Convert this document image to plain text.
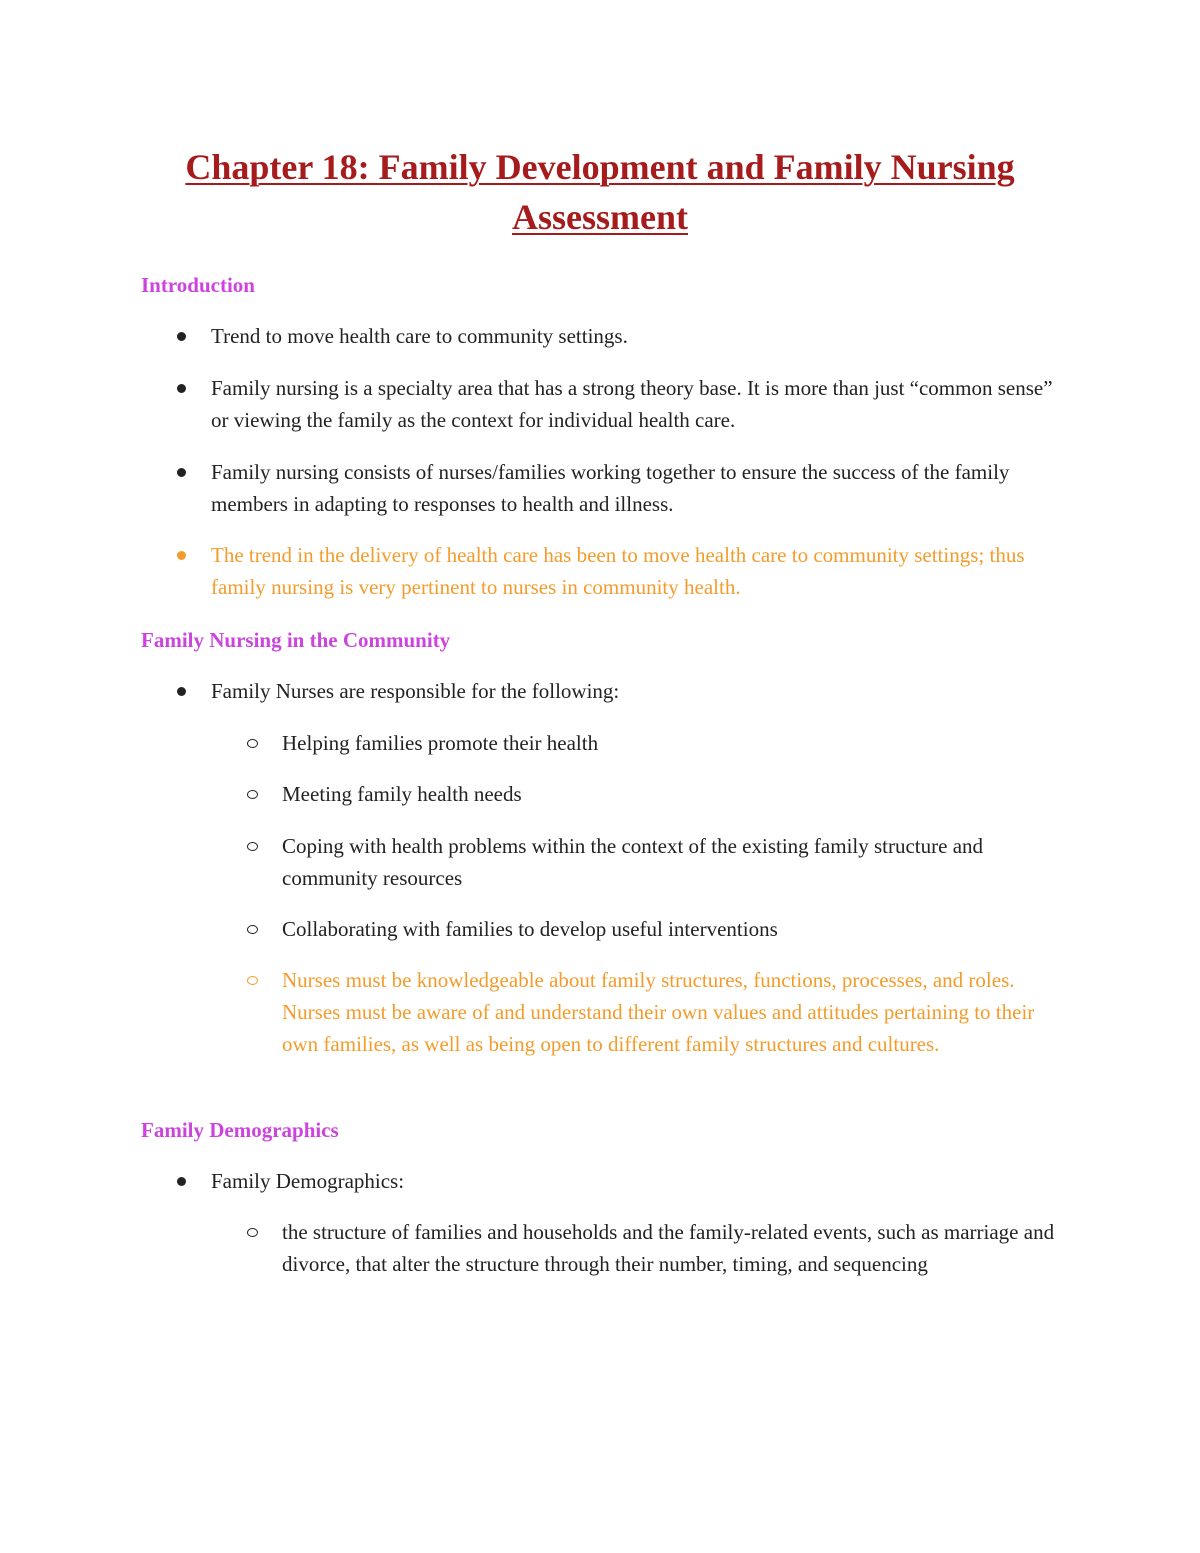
Chapter 18: Family Development and Family Nursing Assessment
Introduction
Trend to move health care to community settings.
Family nursing is a specialty area that has a strong theory base. It is more than just “common sense” or viewing the family as the context for individual health care.
Family nursing consists of nurses/families working together to ensure the success of the family members in adapting to responses to health and illness.
The trend in the delivery of health care has been to move health care to community settings; thus family nursing is very pertinent to nurses in community health.
Family Nursing in the Community
Family Nurses are responsible for the following:
Helping families promote their health
Meeting family health needs
Coping with health problems within the context of the existing family structure and community resources
Collaborating with families to develop useful interventions
Nurses must be knowledgeable about family structures, functions, processes, and roles. Nurses must be aware of and understand their own values and attitudes pertaining to their own families, as well as being open to different family structures and cultures.
Family Demographics
Family Demographics:
the structure of families and households and the family-related events, such as marriage and divorce, that alter the structure through their number, timing, and sequencing
